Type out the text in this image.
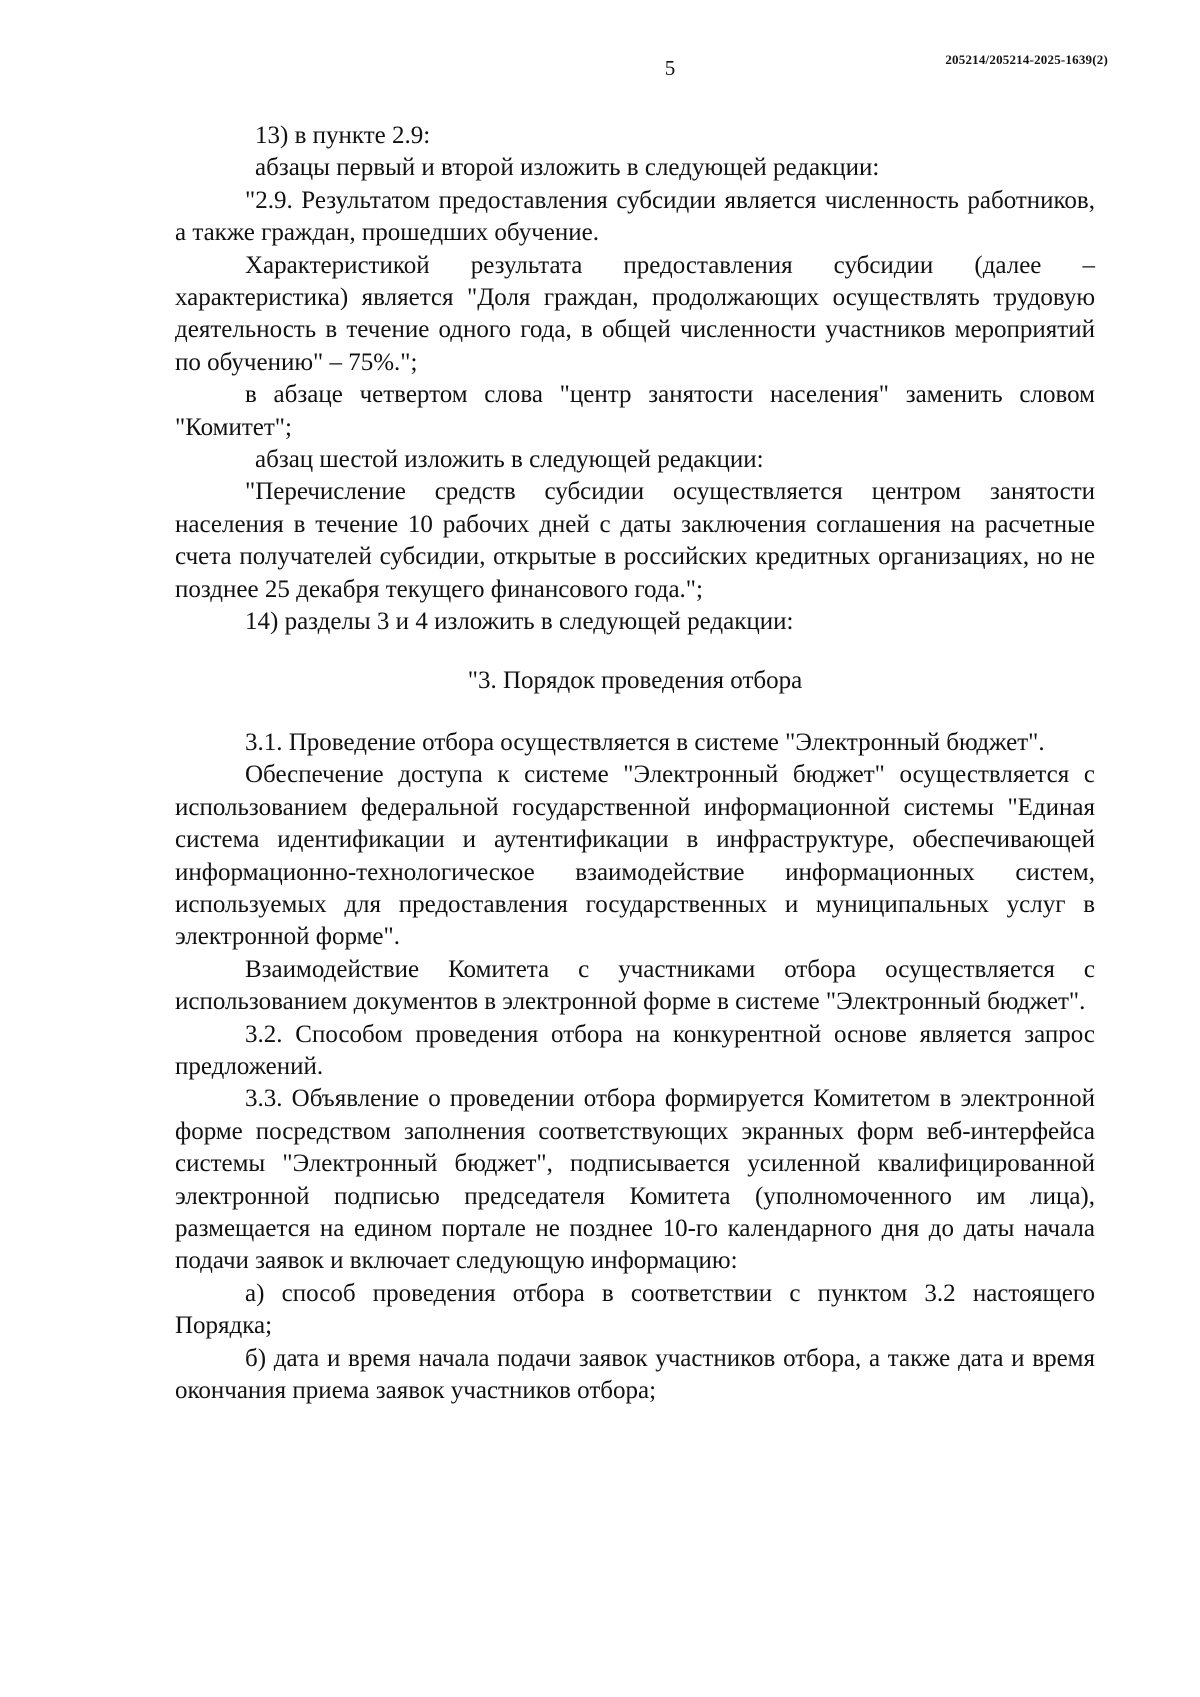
205214/205214-2025-1639(2)
5

13) в пункте 2.9:

абзацы первый и второй изложить в следующей редакции:

"2.9. Результатом предоставления субсидии является численность работников, а также граждан, прошедших обучение.

Характеристикой результата предоставления субсидии (далее – характеристика) является "Доля граждан, продолжающих осуществлять трудовую деятельность в течение одного года, в общей численности участников мероприятий по обучению" – 75%.";

в абзаце четвертом слова "центр занятости населения" заменить словом "Комитет";

абзац шестой изложить в следующей редакции:

"Перечисление средств субсидии осуществляется центром занятости населения в течение 10 рабочих дней с даты заключения соглашения на расчетные счета получателей субсидии, открытые в российских кредитных организациях, но не позднее 25 декабря текущего финансового года.";

14) разделы 3 и 4 изложить в следующей редакции:

"3. Порядок проведения отбора

3.1. Проведение отбора осуществляется в системе "Электронный бюджет".

Обеспечение доступа к системе "Электронный бюджет" осуществляется с использованием федеральной государственной информационной системы "Единая система идентификации и аутентификации в инфраструктуре, обеспечивающей информационно-технологическое взаимодействие информационных систем, используемых для предоставления государственных и муниципальных услуг в электронной форме".

Взаимодействие Комитета с участниками отбора осуществляется с использованием документов в электронной форме в системе "Электронный бюджет".

3.2. Способом проведения отбора на конкурентной основе является запрос предложений.

3.3. Объявление о проведении отбора формируется Комитетом в электронной форме посредством заполнения соответствующих экранных форм веб-интерфейса системы "Электронный бюджет", подписывается усиленной квалифицированной электронной подписью председателя Комитета (уполномоченного им лица), размещается на едином портале не позднее 10-го календарного дня до даты начала подачи заявок и включает следующую информацию:

а) способ проведения отбора в соответствии с пунктом 3.2 настоящего Порядка;

б) дата и время начала подачи заявок участников отбора, а также дата и время окончания приема заявок участников отбора;
